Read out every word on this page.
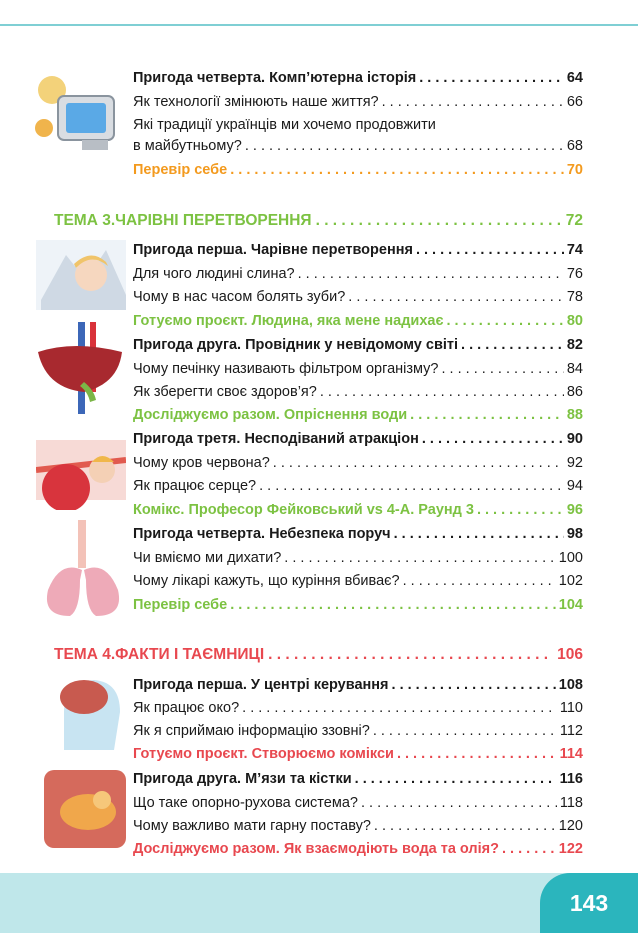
Пригода четверта. Комп’ютерна історія . . .	64
Як технології змінюють наше життя? . . .	66
Які традиції українців ми хочемо продовжити
в майбутньому? . . .	68
Перевір себе . . .	70
ТЕМА 3. ЧАРІВНІ ПЕРЕТВОРЕННЯ . . .	72
Пригода перша. Чарівне перетворення . . .	74
Для чого людині слина? . . .	76
Чому в нас часом болять зуби? . . .	78
Готуємо проєкт. Людина, яка мене надихає . . .	80
Пригода друга. Провідник у невідомому світі . . .	82
Чому печінку називають фільтром організму? . . .	84
Як зберегти своє здоров’я? . . .	86
Досліджуємо разом. Опріснення води . . .	88
Пригода третя. Несподіваний атракціон . . .	90
Чому кров червона? . . .	92
Як працює серце? . . .	94
Комікс. Професор Фейковський vs 4-А. Раунд 3 . . .	96
Пригода четверта. Небезпека поруч . . .	98
Чи вміємо ми дихати? . . .	100
Чому лікарі кажуть, що куріння вбиває? . . .	102
Перевір себе . . .	104
ТЕМА 4. ФАКТИ І ТАЄМНИЦІ . . .	106
Пригода перша. У центрі керування . . .	108
Як працює око? . . .	110
Як я сприймаю інформацію ззовні? . . .	112
Готуємо проєкт. Створюємо комікси . . .	114
Пригода друга. М’язи та кістки . . .	116
Що таке опорно-рухова система? . . .	118
Чому важливо мати гарну поставу? . . .	120
Досліджуємо разом. Як взаємодіють вода та олія? . . .	122
143
